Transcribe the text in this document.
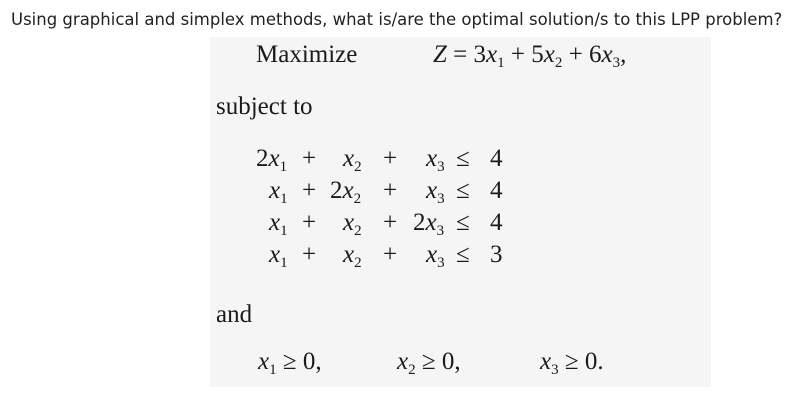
Using graphical and simplex methods, what is/are the optimal solution/s to this LPP problem?
Maximize	$Z = 3x_1 + 5x_2 + 6x_3$,
subject to
$2x_1 + x_2 + x_3 \le 4$
$x_1 + 2x_2 + x_3 \le 4$
$x_1 + x_2 + 2x_3 \le 4$
$x_1 + x_2 + x_3 \le 3$
and
$x_1 \ge 0$,	$x_2 \ge 0$,	$x_3 \ge 0$.
